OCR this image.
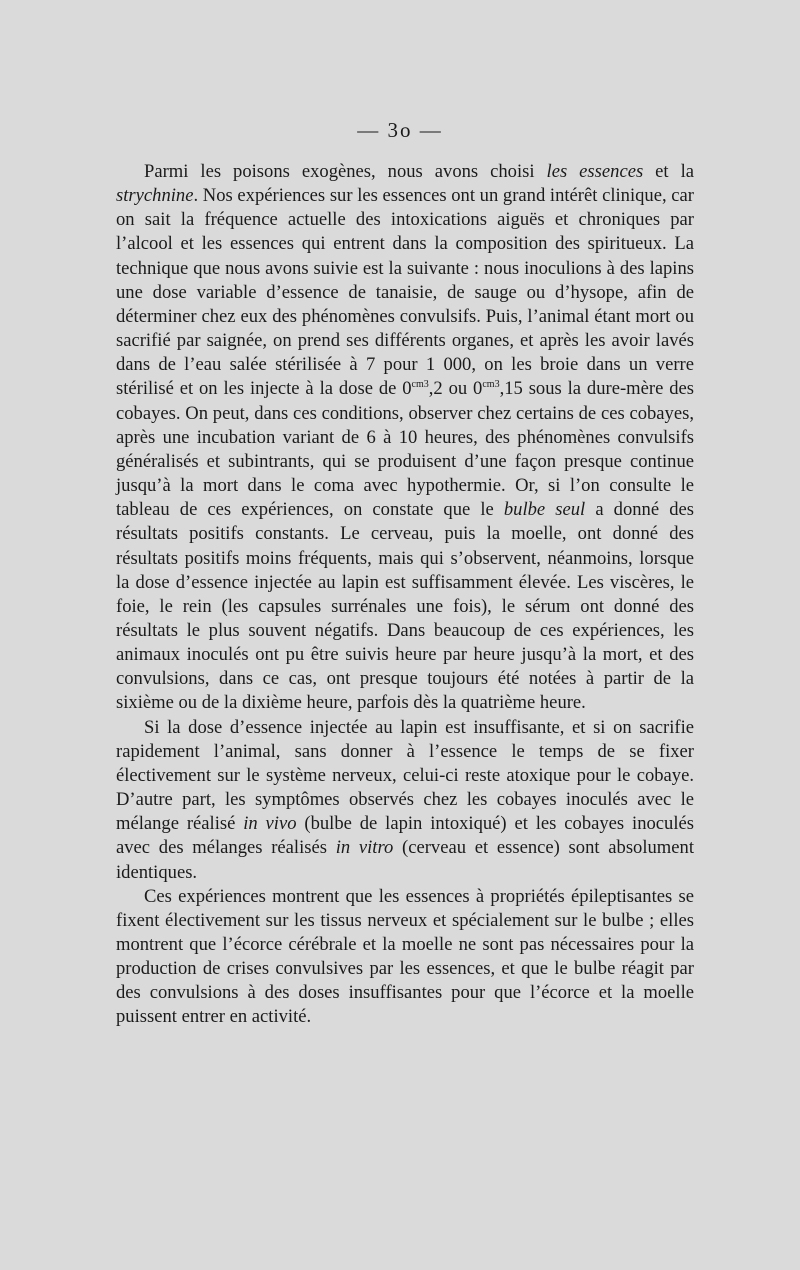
— 3o —

Parmi les poisons exogènes, nous avons choisi les essences et la strychnine. Nos expériences sur les essences ont un grand intérêt clinique, car on sait la fréquence actuelle des intoxications aiguës et chroniques par l’alcool et les essences qui entrent dans la composition des spiritueux. La technique que nous avons suivie est la suivante : nous inoculions à des lapins une dose variable d’essence de tanaisie, de sauge ou d’hysope, afin de déterminer chez eux des phénomènes convulsifs. Puis, l’animal étant mort ou sacrifié par saignée, on prend ses différents organes, et après les avoir lavés dans de l’eau salée stérilisée à 7 pour 1 000, on les broie dans un verre stérilisé et on les injecte à la dose de $0^{cm3},2$ ou $0^{cm3},15$ sous la dure-mère des cobayes. On peut, dans ces conditions, observer chez certains de ces cobayes, après une incubation variant de 6 à 10 heures, des phénomènes convulsifs généralisés et subintrants, qui se produisent d’une façon presque continue jusqu’à la mort dans le coma avec hypothermie. Or, si l’on consulte le tableau de ces expériences, on constate que le bulbe seul a donné des résultats positifs constants. Le cerveau, puis la moelle, ont donné des résultats positifs moins fréquents, mais qui s’observent, néanmoins, lorsque la dose d’essence injectée au lapin est suffisamment élevée. Les viscères, le foie, le rein (les capsules surrénales une fois), le sérum ont donné des résultats le plus souvent négatifs. Dans beaucoup de ces expériences, les animaux inoculés ont pu être suivis heure par heure jusqu’à la mort, et des convulsions, dans ce cas, ont presque toujours été notées à partir de la sixième ou de la dixième heure, parfois dès la quatrième heure.

Si la dose d’essence injectée au lapin est insuffisante, et si on sacrifie rapidement l’animal, sans donner à l’essence le temps de se fixer électivement sur le système nerveux, celui-ci reste atoxique pour le cobaye. D’autre part, les symptômes observés chez les cobayes inoculés avec le mélange réalisé in vivo (bulbe de lapin intoxiqué) et les cobayes inoculés avec des mélanges réalisés in vitro (cerveau et essence) sont absolument identiques.

Ces expériences montrent que les essences à propriétés épileptisantes se fixent électivement sur les tissus nerveux et spécialement sur le bulbe ; elles montrent que l’écorce cérébrale et la moelle ne sont pas nécessaires pour la production de crises convulsives par les essences, et que le bulbe réagit par des convulsions à des doses insuffisantes pour que l’écorce et la moelle puissent entrer en activité.
